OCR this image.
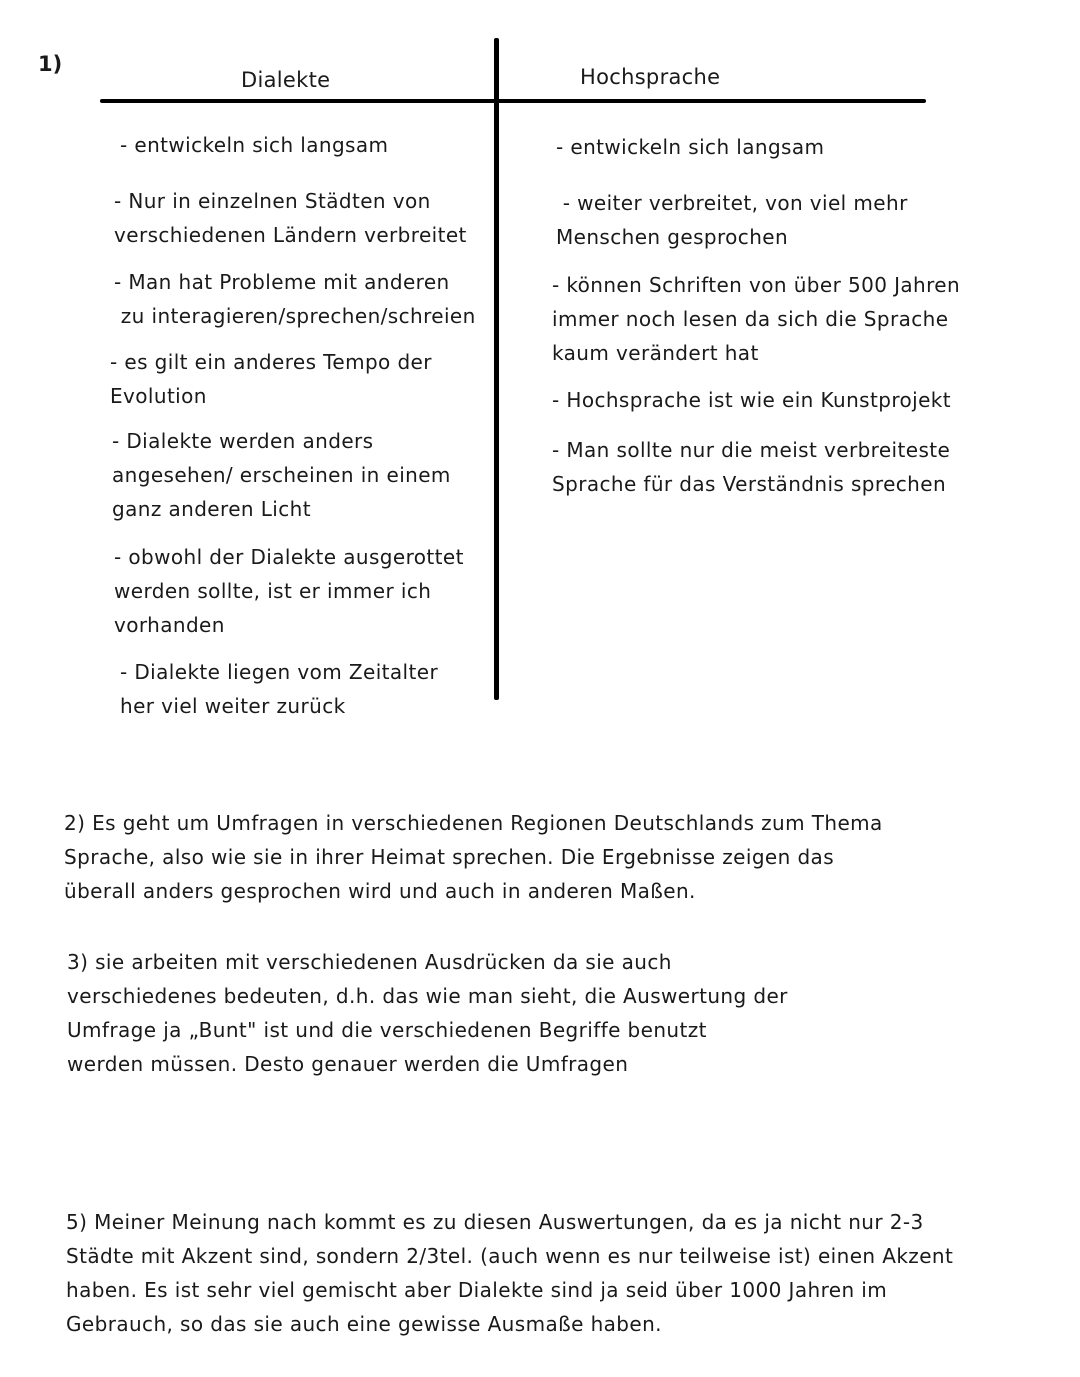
1)
Dialekte	Hochsprache

- entwickeln sich langsam

- Nur in einzelnen Städten von
verschiedenen Ländern verbreitet

- Man hat Probleme mit anderen
zu interagieren/sprechen/schreien

- es gilt ein anderes Tempo der
Evolution

- Dialekte werden anders
angesehen/ erscheinen in einem
ganz anderen Licht

- obwohl der Dialekte ausgerottet
werden sollte, ist er immer ich
vorhanden

- Dialekte liegen vom Zeitalter
her viel weiter zurück

- entwickeln sich langsam

- weiter verbreitet, von viel mehr
Menschen gesprochen

- können Schriften von über 500 Jahren
immer noch lesen da sich die Sprache
kaum verändert hat

- Hochsprache ist wie ein Kunstprojekt

- Man sollte nur die meist verbreiteste
Sprache für das Verständnis sprechen

2) Es geht um Umfragen in verschiedenen Regionen Deutschlands zum Thema
Sprache, also wie sie in ihrer Heimat sprechen. Die Ergebnisse zeigen das
überall anders gesprochen wird und auch in anderen Maßen.

3) sie arbeiten mit verschiedenen Ausdrücken da sie auch
verschiedenes bedeuten, d.h. das wie man sieht, die Auswertung der
Umfrage ja „Bunt" ist und die verschiedenen Begriffe benutzt
werden müssen. Desto genauer werden die Umfragen

5) Meiner Meinung nach kommt es zu diesen Auswertungen, da es ja nicht nur 2-3
Städte mit Akzent sind, sondern 2/3tel. (auch wenn es nur teilweise ist) einen Akzent
haben. Es ist sehr viel gemischt aber Dialekte sind ja seid über 1000 Jahren im
Gebrauch, so das sie auch eine gewisse Ausmaße haben.
